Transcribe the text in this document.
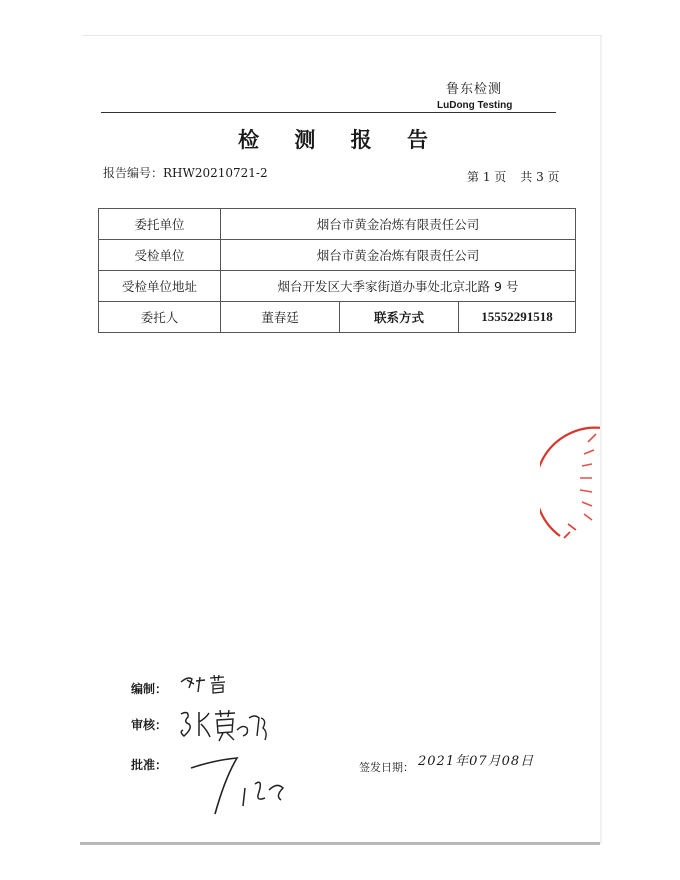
鲁东检测
LuDong Testing
检 测 报 告
报告编号：RHW20210721-2	第 1 页 共 3 页
委托单位	烟台市黄金冶炼有限责任公司		
受检单位	烟台市黄金冶炼有限责任公司		
受检单位地址	烟台开发区大季家街道办事处北京北路 9 号		
委托人	董春廷	联系方式	15552291518
编制：
审核：
批准：	签发日期： 2021年07月08日
